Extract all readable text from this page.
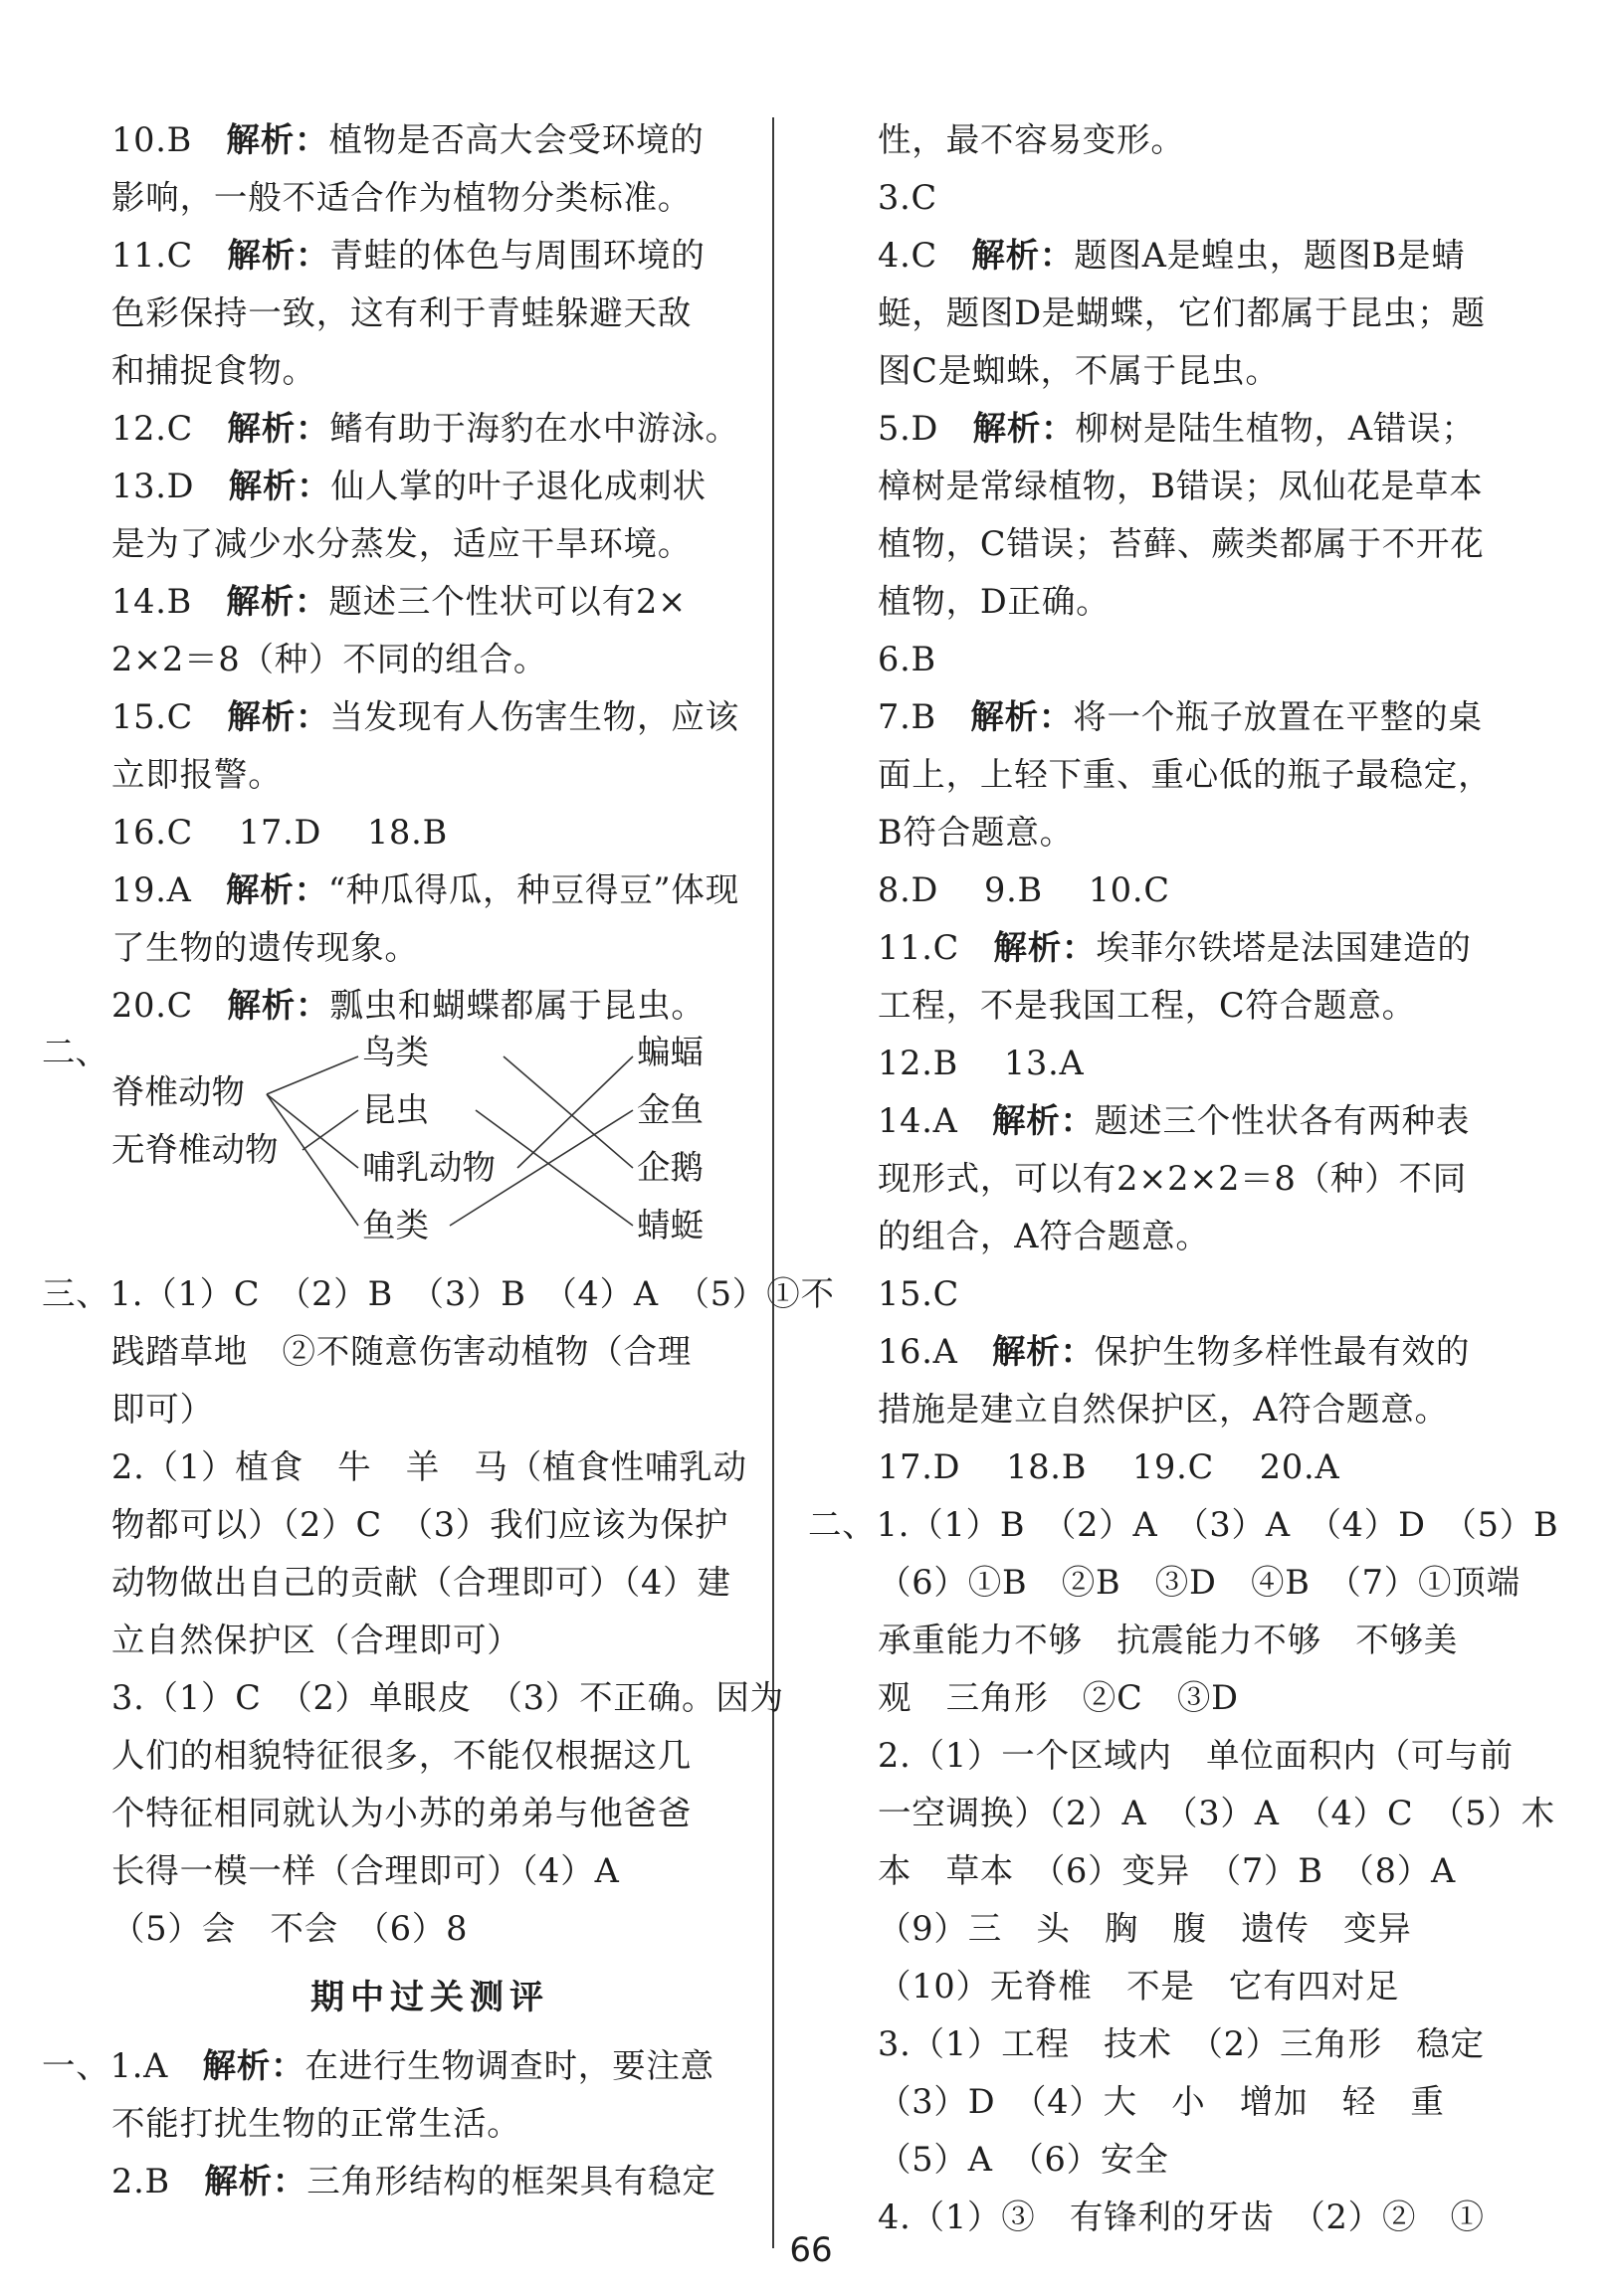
10.B　解析：植物是否高大会受环境的
影响，一般不适合作为植物分类标准。
11.C　解析：青蛙的体色与周围环境的
色彩保持一致，这有利于青蛙躲避天敌
和捕捉食物。
12.C　解析：鳍有助于海豹在水中游泳。
13.D　解析：仙人掌的叶子退化成刺状
是为了减少水分蒸发，适应干旱环境。
14.B　解析：题述三个性状可以有2×
2×2＝8（种）不同的组合。
15.C　解析：当发现有人伤害生物，应该
立即报警。
16.C　 17.D　 18.B
19.A　解析：“种瓜得瓜，种豆得豆”体现
了生物的遗传现象。
20.C　解析：瓢虫和蝴蝶都属于昆虫。
二、
脊椎动物
无脊椎动物
鸟类
昆虫
哺乳动物
鱼类
蝙蝠
金鱼
企鹅
蜻蜓
三、1.（1）C　（2）B　（3）B　（4）A　（5）①不
践踏草地　②不随意伤害动植物（合理
即可）
2.（1）植食　牛　羊　马（植食性哺乳动
物都可以）（2）C　（3）我们应该为保护
动物做出自己的贡献（合理即可）（4）建
立自然保护区（合理即可）
3.（1）C　（2）单眼皮　（3）不正确。因为
人们的相貌特征很多，不能仅根据这几
个特征相同就认为小苏的弟弟与他爸爸
长得一模一样（合理即可）（4）A
（5）会　不会　（6）8
期中过关测评
一、1.A　解析：在进行生物调查时，要注意
不能打扰生物的正常生活。
2.B　解析：三角形结构的框架具有稳定
性，最不容易变形。
3.C
4.C　解析：题图A是蝗虫，题图B是蜻
蜓，题图D是蝴蝶，它们都属于昆虫；题
图C是蜘蛛，不属于昆虫。
5.D　解析：柳树是陆生植物，A错误；
樟树是常绿植物，B错误；凤仙花是草本
植物，C错误；苔藓、蕨类都属于不开花
植物，D正确。
6.B
7.B　解析：将一个瓶子放置在平整的桌
面上，上轻下重、重心低的瓶子最稳定，
B符合题意。
8.D　 9.B　 10.C
11.C　解析：埃菲尔铁塔是法国建造的
工程，不是我国工程，C符合题意。
12.B　 13.A
14.A　解析：题述三个性状各有两种表
现形式，可以有2×2×2＝8（种）不同
的组合，A符合题意。
15.C
16.A　解析：保护生物多样性最有效的
措施是建立自然保护区，A符合题意。
17.D　 18.B　 19.C　 20.A
二、1.（1）B　（2）A　（3）A　（4）D　（5）B
（6）①B　②B　③D　④B　（7）①顶端
承重能力不够　抗震能力不够　不够美
观　三角形　②C　③D
2.（1）一个区域内　单位面积内（可与前
一空调换）（2）A　（3）A　（4）C　（5）木
本　草本　（6）变异　（7）B　（8）A
（9）三　头　胸　腹　遗传　变异
（10）无脊椎　不是　它有四对足
3.（1）工程　技术　（2）三角形　稳定
（3）D　（4）大　小　增加　轻　重
（5）A　（6）安全
4.（1）③　有锋利的牙齿　（2）②　①
66
